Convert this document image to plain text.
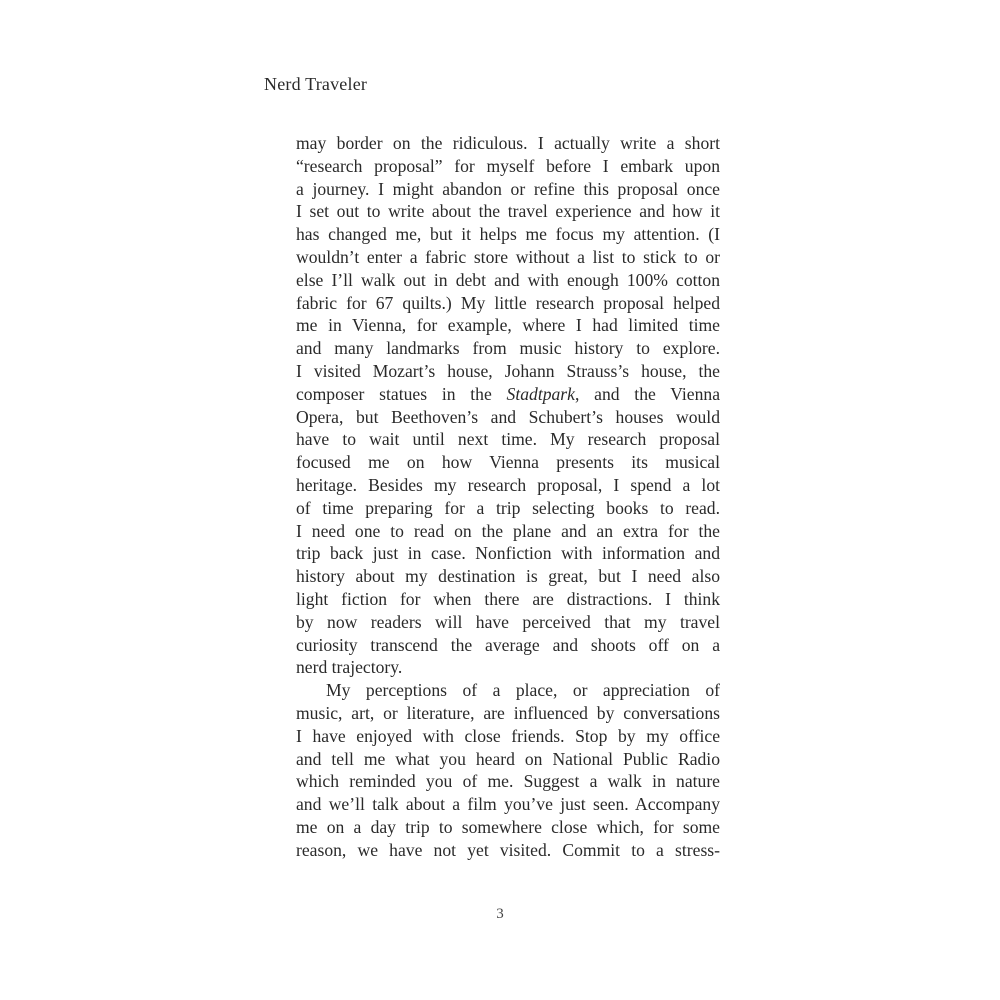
Nerd Traveler
may border on the ridiculous. I actually write a short
“research proposal” for myself before I embark upon
a journey. I might abandon or refine this proposal once
I set out to write about the travel experience and how it
has changed me, but it helps me focus my attention. (I
wouldn’t enter a fabric store without a list to stick to or
else I’ll walk out in debt and with enough 100% cotton
fabric for 67 quilts.) My little research proposal helped
me in Vienna, for example, where I had limited time
and many landmarks from music history to explore.
I visited Mozart’s house, Johann Strauss’s house, the
composer statues in the Stadtpark, and the Vienna
Opera, but Beethoven’s and Schubert’s houses would
have to wait until next time. My research proposal
focused me on how Vienna presents its musical
heritage. Besides my research proposal, I spend a lot
of time preparing for a trip selecting books to read.
I need one to read on the plane and an extra for the
trip back just in case. Nonfiction with information and
history about my destination is great, but I need also
light fiction for when there are distractions. I think
by now readers will have perceived that my travel
curiosity transcend the average and shoots off on a
nerd trajectory.
My perceptions of a place, or appreciation of
music, art, or literature, are influenced by conversations
I have enjoyed with close friends. Stop by my office
and tell me what you heard on National Public Radio
which reminded you of me. Suggest a walk in nature
and we’ll talk about a film you’ve just seen. Accompany
me on a day trip to somewhere close which, for some
reason, we have not yet visited. Commit to a stress-
3
